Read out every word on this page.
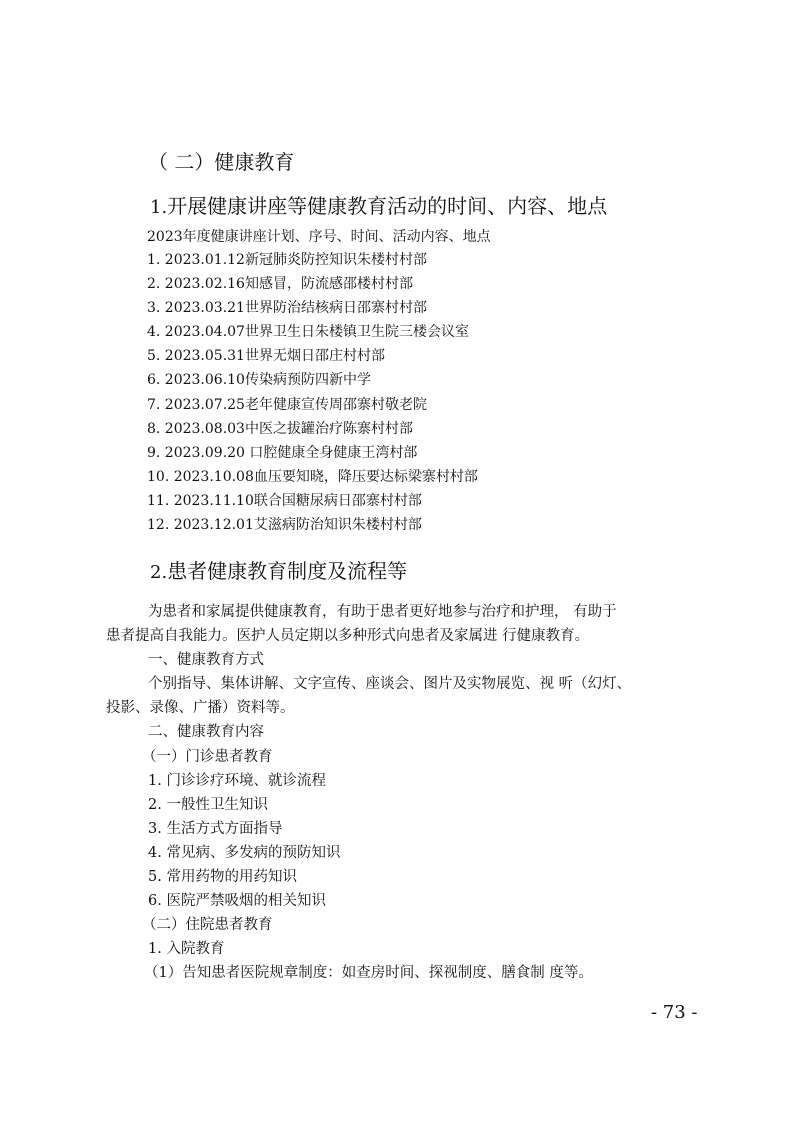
（ 二）健康教育
1.开展健康讲座等健康教育活动的时间、内容、地点
2023年度健康讲座计划、序号、时间、活动内容、地点
1. 2023.01.12新冠肺炎防控知识朱楼村村部
2. 2023.02.16知感冒，防流感邵楼村村部
3. 2023.03.21世界防治结核病日邵寨村村部
4. 2023.04.07世界卫生日朱楼镇卫生院三楼会议室
5. 2023.05.31世界无烟日邵庄村村部
6. 2023.06.10传染病预防四新中学
7. 2023.07.25老年健康宣传周邵寨村敬老院
8. 2023.08.03中医之拔罐治疗陈寨村村部
9. 2023.09.20 口腔健康全身健康王湾村部
10. 2023.10.08血压要知晓，降压要达标梁寨村村部
11. 2023.11.10联合国糖尿病日邵寨村村部
12. 2023.12.01艾滋病防治知识朱楼村村部
2.患者健康教育制度及流程等
为患者和家属提供健康教育，有助于患者更好地参与治疗和护理， 有助于
患者提高自我能力。医护人员定期以多种形式向患者及家属进 行健康教育。
一、健康教育方式
个别指导、集体讲解、文字宣传、座谈会、图片及实物展览、视 听（幻灯、
投影、录像、广播）资料等。
二、健康教育内容
（一）门诊患者教育
1. 门诊诊疗环境、就诊流程
2. 一般性卫生知识
3. 生活方式方面指导
4. 常见病、多发病的预防知识
5. 常用药物的用药知识
6. 医院严禁吸烟的相关知识
（二）住院患者教育
1. 入院教育
（1）告知患者医院规章制度：如查房时间、探视制度、膳食制 度等。
- 73 -
